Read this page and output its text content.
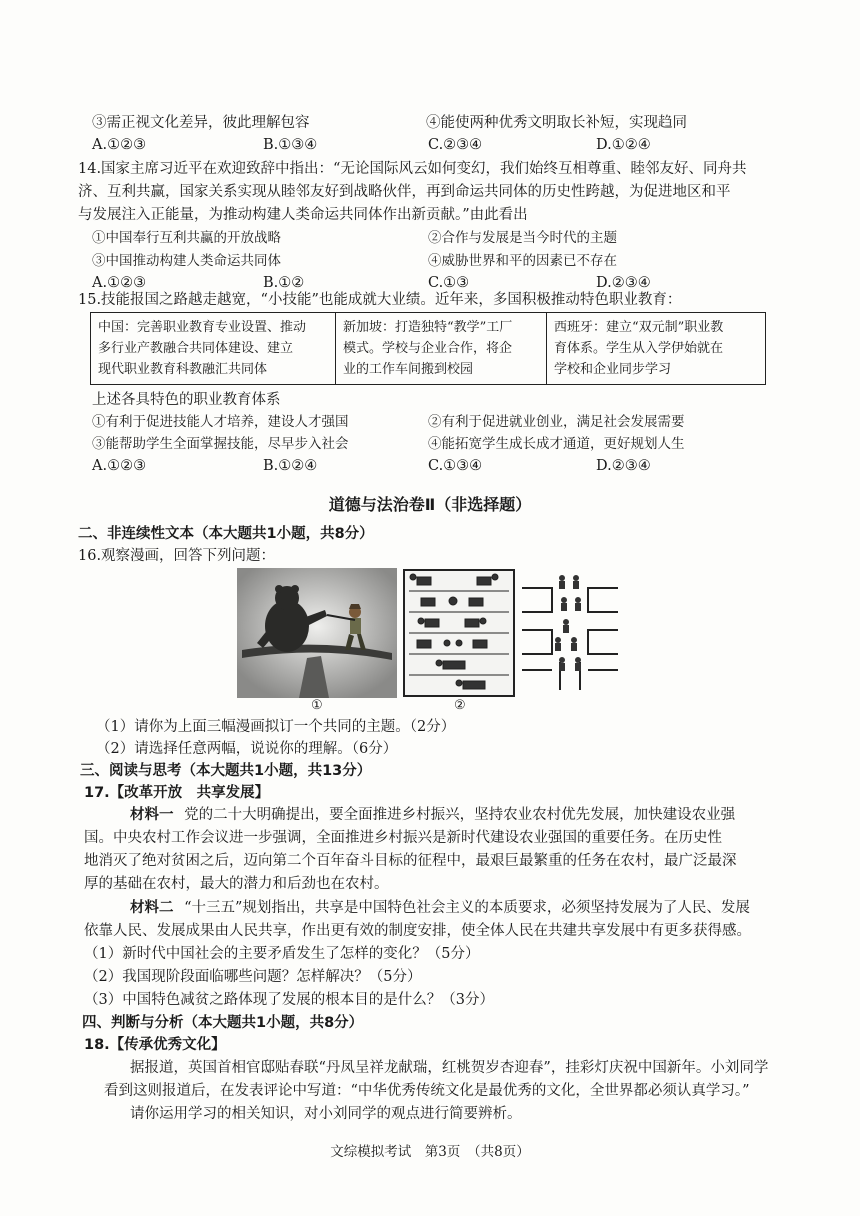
③需正视文化差异，彼此理解包容	④能使两种优秀文明取长补短，实现趋同
A.①②③	B.①③④	C.②③④	D.①②④
14.国家主席习近平在欢迎致辞中指出：“无论国际风云如何变幻，我们始终互相尊重、睦邻友好、同舟共
济、互利共赢，国家关系实现从睦邻友好到战略伙伴，再到命运共同体的历史性跨越，为促进地区和平
与发展注入正能量，为推动构建人类命运共同体作出新贡献。”由此看出
①中国奉行互利共赢的开放战略	②合作与发展是当今时代的主题
③中国推动构建人类命运共同体	④威胁世界和平的因素已不存在
A.①②③	B.①②	C.①③	D.②③④
15.技能报国之路越走越宽，“小技能”也能成就大业绩。近年来，多国积极推动特色职业教育：
中国：完善职业教育专业设置、推动
多行业产教融合共同体建设、建立
现代职业教育科教融汇共同体

新加坡：打造独特“教学”工厂
模式。学校与企业合作，将企
业的工作车间搬到校园

西班牙：建立“双元制”职业教
育体系。学生从入学伊始就在
学校和企业同步学习
上述各具特色的职业教育体系
①有利于促进技能人才培养，建设人才强国	②有利于促进就业创业，满足社会发展需要
③能帮助学生全面掌握技能，尽早步入社会	④能拓宽学生成长成才通道，更好规划人生
A.①②③	B.①②④	C.①③④	D.②③④
道德与法治卷Ⅱ（非选择题）
二、非连续性文本（本大题共1小题，共8分）
16.观察漫画，回答下列问题：
①	②
（1）请你为上面三幅漫画拟订一个共同的主题。（2分）
（2）请选择任意两幅，说说你的理解。（6分）
三、阅读与思考（本大题共1小题，共13分）
17.【改革开放　共享发展】
材料一 党的二十大明确提出，要全面推进乡村振兴，坚持农业农村优先发展，加快建设农业强
国。中央农村工作会议进一步强调，全面推进乡村振兴是新时代建设农业强国的重要任务。在历史性
地消灭了绝对贫困之后，迈向第二个百年奋斗目标的征程中，最艰巨最繁重的任务在农村，最广泛最深
厚的基础在农村，最大的潜力和后劲也在农村。
材料二 “十三五”规划指出，共享是中国特色社会主义的本质要求，必须坚持发展为了人民、发展
依靠人民、发展成果由人民共享，作出更有效的制度安排，使全体人民在共建共享发展中有更多获得感。
（1）新时代中国社会的主要矛盾发生了怎样的变化？（5分）
（2）我国现阶段面临哪些问题？怎样解决？（5分）
（3）中国特色减贫之路体现了发展的根本目的是什么？（3分）
四、判断与分析（本大题共1小题，共8分）
18.【传承优秀文化】
据报道，英国首相官邸贴春联“丹凤呈祥龙献瑞，红桃贺岁杏迎春”，挂彩灯庆祝中国新年。小刘同学
看到这则报道后，在发表评论中写道：“中华优秀传统文化是最优秀的文化，全世界都必须认真学习。”
请你运用学习的相关知识，对小刘同学的观点进行简要辨析。
文综模拟考试　第3页　（共8页）
